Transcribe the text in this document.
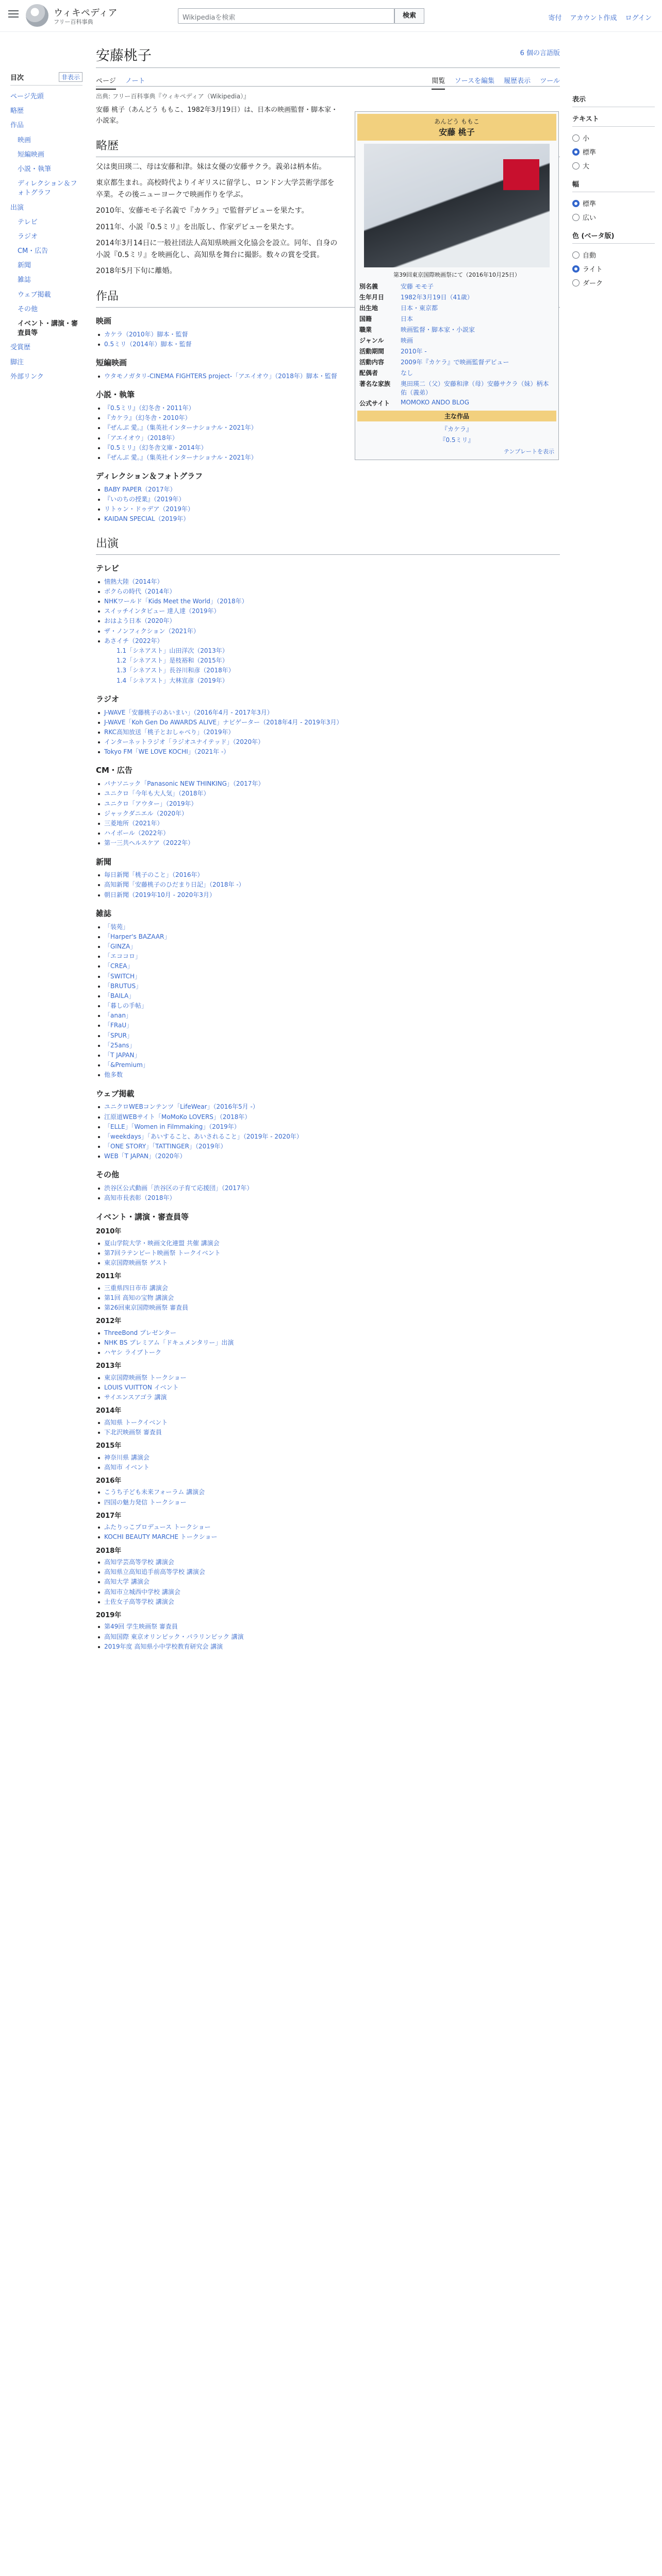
ウィキペディア
フリー百科事典
Wikipediaを検索	検索	寄付 アカウント作成 ログイン
目次	非表示
ページ先頭
略歴
作品
映画
短編映画
小説・執筆
ディレクション＆フォトグラフ
出演
テレビ
ラジオ
CM・広告
新聞
雑誌
ウェブ掲載
その他
イベント・講演・審査員等
受賞歴
脚注
外部リンク
表示
テキスト
小
標準
大
幅
標準
広い
色 (ベータ版)
自動
ライト
ダーク
安藤桃子	6 個の言語版
ページ ノート	閲覧 ソースを編集 履歴表示 ツール
出典: フリー百科事典『ウィキペディア（Wikipedia）』

安藤 桃子（あんどう ももこ、1982年3月19日）は、日本の映画監督・脚本家・小説家。

略歴

父は奥田瑛二、母は安藤和津。妹は女優の安藤サクラ。義弟は柄本佑。

東京都生まれ。高校時代よりイギリスに留学し、ロンドン大学芸術学部を卒業。その後ニューヨークで映画作りを学ぶ。

2010年、安藤モモ子名義で『カケラ』で監督デビューを果たす。

2011年、小説『0.5ミリ』を出版し、作家デビューを果たす。

2014年3月14日に一般社団法人高知県映画文化協会を設立。同年、自身の小説『0.5ミリ』を映画化し、高知県を舞台に撮影。数々の賞を受賞。

2018年5月下旬に離婚。

作品
映画
カケラ（2010年）脚本・監督
0.5ミリ（2014年）脚本・監督
短編映画
ウタモノガタリ-CINEMA FIGHTERS project-「アエイオウ」（2018年）脚本・監督
小説・執筆
『0.5ミリ』（幻冬舎・2011年）
『カケラ』（幻冬舎・2010年）
『ぜんぶ 愛。』（集英社インターナショナル・2021年）
「アエイオウ」（2018年）
『0.5ミリ』（幻冬舎文庫・2014年）
『ぜんぶ 愛。』（集英社インターナショナル・2021年）
ディレクション＆フォトグラフ
BABY PAPER（2017年）
『いのちの授業』（2019年）
リトゥン・ドゥデア（2019年）
KAIDAN SPECIAL（2019年）
出演
テレビ
情熱大陸（2014年）
ボクらの時代（2014年）
NHKワールド「Kids Meet the World」（2018年）
スイッチインタビュー 達人達（2019年）
おはよう日本（2020年）
ザ・ノンフィクション（2021年）
あさイチ（2022年）
1.1「シネアスト」山田洋次（2013年）
1.2「シネアスト」是枝裕和（2015年）
1.3「シネアスト」長谷川和彦（2018年）
1.4「シネアスト」大林宣彦（2019年）
ラジオ
J-WAVE「安藤桃子のあいまい」（2016年4月 - 2017年3月）
J-WAVE「Koh Gen Do AWARDS ALIVE」ナビゲーター（2018年4月 - 2019年3月）
RKC高知放送「桃子とおしゃべり」（2019年）
インターネットラジオ「ラジオユナイテッド」（2020年）
Tokyo FM「WE LOVE KOCHI」（2021年 -）
CM・広告
パナソニック「Panasonic NEW THINKING」（2017年）
ユニクロ「今年も大人気」（2018年）
ユニクロ「アウター」（2019年）
ジャックダニエル（2020年）
三菱地所（2021年）
ハイボール（2022年）
第一三共ヘルスケア（2022年）
新聞
毎日新聞「桃子のこと」（2016年）
高知新聞「安藤桃子のひだまり日記」（2018年 -）
朝日新聞（2019年10月 - 2020年3月）
雑誌
「装苑」
「Harper's BAZAAR」
「GINZA」
「エココロ」
「CREA」
「SWITCH」
「BRUTUS」
「BAILA」
「暮しの手帖」
「anan」
「FRaU」
「SPUR」
「25ans」
「T JAPAN」
「&Premium」
他多数
ウェブ掲載
ユニクロWEBコンテンツ「LifeWear」（2016年5月 -）
江原道WEBサイト「MoMoKo LOVERS」（2018年）
「ELLE」「Women in Filmmaking」（2019年）
「weekdays」「あいすること、あいされること」（2019年 - 2020年）
「ONE STORY」「TATTINGER」（2019年）
WEB「T JAPAN」（2020年）
その他
渋谷区公式動画「渋谷区の子育て応援団」（2017年）
高知市長表彰（2018年）
イベント・講演・審査員等
2010年
夏山学院大学・映画文化連盟 共催 講演会
第7回ラテンビート映画祭 トークイベント
東京国際映画祭 ゲスト
2011年
三重県四日市市 講演会
第1回 高知の宝物 講演会
第26回東京国際映画祭 審査員
2012年
ThreeBond プレゼンター
NHK BS プレミアム「ドキュメンタリー」出演
ハヤシ ライブトーク
2013年
東京国際映画祭 トークショー
LOUIS VUITTON イベント
サイエンスアゴラ 講演
2014年
高知県 トークイベント
下北沢映画祭 審査員
2015年
神奈川県 講演会
高知市 イベント
2016年
こうち子ども未来フォーラム 講演会
四国の魅力発信 トークショー
2017年
ふたりっこプロデュース トークショー
KOCHI BEAUTY MARCHE トークショー
2018年
高知学芸高等学校 講演会
高知県立高知追手前高等学校 講演会
高知大学 講演会
高知市立城西中学校 講演会
土佐女子高等学校 講演会
2019年
第49回 学生映画祭 審査員
高知国際 東京オリンピック・パラリンピック 講演
2019年度 高知県小中学校教育研究会 講演
あんどう ももこ
安藤 桃子
第39回東京国際映画祭にて（2016年10月25日）
別名義	安藤 モモ子
生年月日	1982年3月19日（41歳）
出生地	日本・東京都
国籍	日本
職業	映画監督・脚本家・小説家
ジャンル	映画
活動期間	2010年 -
活動内容	2009年『カケラ』で映画監督デビュー
配偶者	なし
著名な家族	奥田瑛二（父）安藤和津（母）安藤サクラ（妹）柄本佑（義弟）
公式サイト	MOMOKO ANDO BLOG
主な作品
『カケラ』
『0.5ミリ』
テンプレートを表示
